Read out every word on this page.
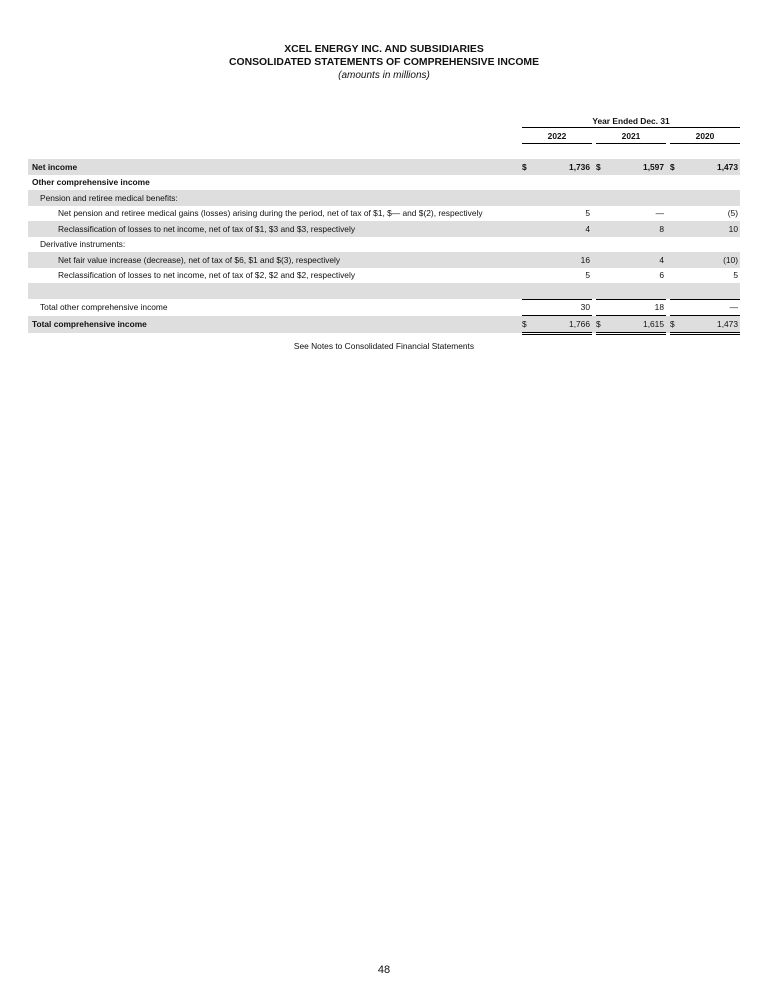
XCEL ENERGY INC. AND SUBSIDIARIES
CONSOLIDATED STATEMENTS OF COMPREHENSIVE INCOME
(amounts in millions)
Year Ended Dec. 31
2022	2021	2020
Net income	$	1,736		$	1,597		$	1,473
Other comprehensive income								
Pension and retiree medical benefits:								
Net pension and retiree medical gains (losses) arising during the period, net of tax of $1, $— and $(2), respectively		5			—			(5)
Reclassification of losses to net income, net of tax of $1, $3 and $3, respectively		4			8			10
Derivative instruments:								
Net fair value increase (decrease), net of tax of $6, $1 and $(3), respectively		16			4			(10)
Reclassification of losses to net income, net of tax of $2, $2 and $2, respectively		5			6			5

Total other comprehensive income		30			18			—
Total comprehensive income	$	1,766		$	1,615		$	1,473
See Notes to Consolidated Financial Statements
48
